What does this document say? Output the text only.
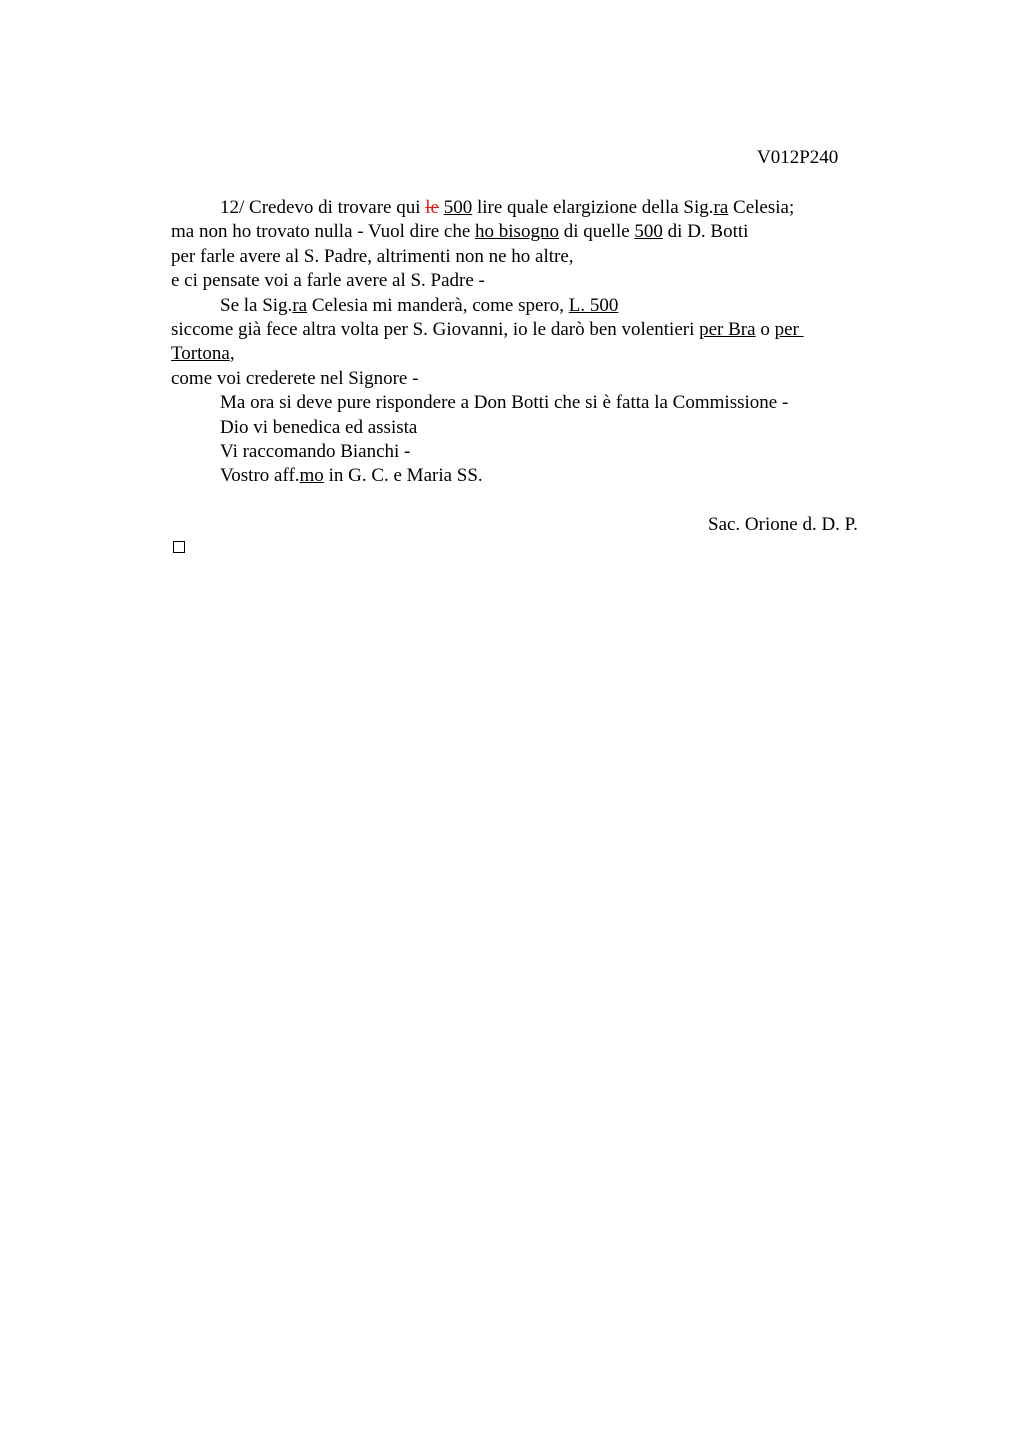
V012P240
12/ Credevo di trovare qui le 500 lire quale elargizione della Sig.ra Celesia;
ma non ho trovato nulla - Vuol dire che ho bisogno di quelle 500 di D. Botti
per farle avere al S. Padre, altrimenti non ne ho altre,
e ci pensate voi a farle avere al S. Padre -
Se la Sig.ra Celesia mi manderà, come spero, L. 500
siccome già fece altra volta per S. Giovanni, io le darò ben volentieri per Bra o per
Tortona,
come voi crederete nel Signore -
Ma ora si deve pure rispondere a Don Botti che si è fatta la Commissione -
Dio vi benedica ed assista
Vi raccomando Bianchi -
Vostro aff.mo in G. C. e Maria SS.
Sac. Orione d. D. P.
